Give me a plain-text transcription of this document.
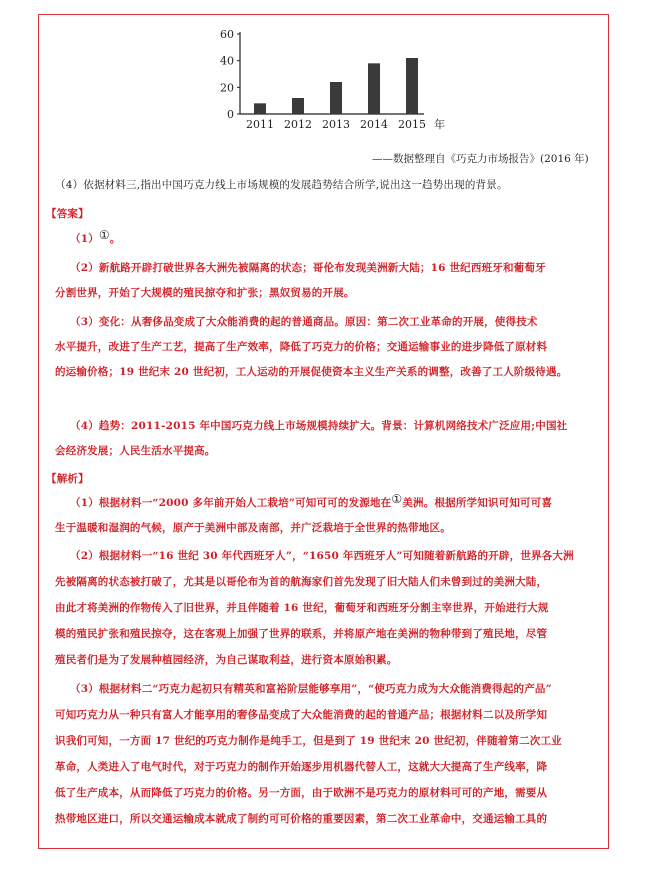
0
20
40
60
2011 2012 2013 2014 2015 年
——数据整理自《巧克力市场报告》(2016 年)
（4）依据材料三,指出中国巧克力线上市场规模的发展趋势结合所学,说出这一趋势出现的背景。
【答案】
（1）①。
（2）新航路开辟打破世界各大洲先被隔离的状态；哥伦布发现美洲新大陆；16 世纪西班牙和葡萄牙
分割世界，开始了大规模的殖民掠夺和扩张；黑奴贸易的开展。
（3）变化：从奢侈品变成了大众能消费的起的普通商品。原因：第二次工业革命的开展，使得技术
水平提升，改进了生产工艺，提高了生产效率，降低了巧克力的价格；交通运输事业的进步降低了原材料
的运输价格；19 世纪末 20 世纪初，工人运动的开展促使资本主义生产关系的调整，改善了工人阶级待遇。
（4）趋势：2011-2015 年中国巧克力线上市场规模持续扩大。背景：计算机网络技术广泛应用;中国社
会经济发展；人民生活水平提高。
【解析】
（1）根据材料一“2000 多年前开始人工栽培”可知可可的发源地在①美洲。根据所学知识可知可可喜
生于温暖和湿润的气候，原产于美洲中部及南部，并广泛栽培于全世界的热带地区。
（2）根据材料一“16 世纪 30 年代西班牙人”，“1650 年西班牙人”可知随着新航路的开辟，世界各大洲
先被隔离的状态被打破了，尤其是以哥伦布为首的航海家们首先发现了旧大陆人们未曾到过的美洲大陆，
由此才将美洲的作物传入了旧世界，并且伴随着 16 世纪，葡萄牙和西班牙分割主宰世界，开始进行大规
模的殖民扩张和殖民掠夺，这在客观上加强了世界的联系，并将原产地在美洲的物种带到了殖民地，尽管
殖民者们是为了发展种植园经济，为自己谋取利益，进行资本原始积累。
（3）根据材料二“巧克力起初只有精英和富裕阶层能够享用”，“使巧克力成为大众能消费得起的产品”
可知巧克力从一种只有富人才能享用的奢侈品变成了大众能消费的起的普通产品；根据材料二以及所学知
识我们可知，一方面 17 世纪的巧克力制作是纯手工，但是到了 19 世纪末 20 世纪初，伴随着第二次工业
革命，人类进入了电气时代，对于巧克力的制作开始逐步用机器代替人工，这就大大提高了生产线率，降
低了生产成本，从而降低了巧克力的价格。另一方面，由于欧洲不是巧克力的原材料可可的产地，需要从
热带地区进口，所以交通运输成本就成了制约可可价格的重要因素，第二次工业革命中，交通运输工具的
